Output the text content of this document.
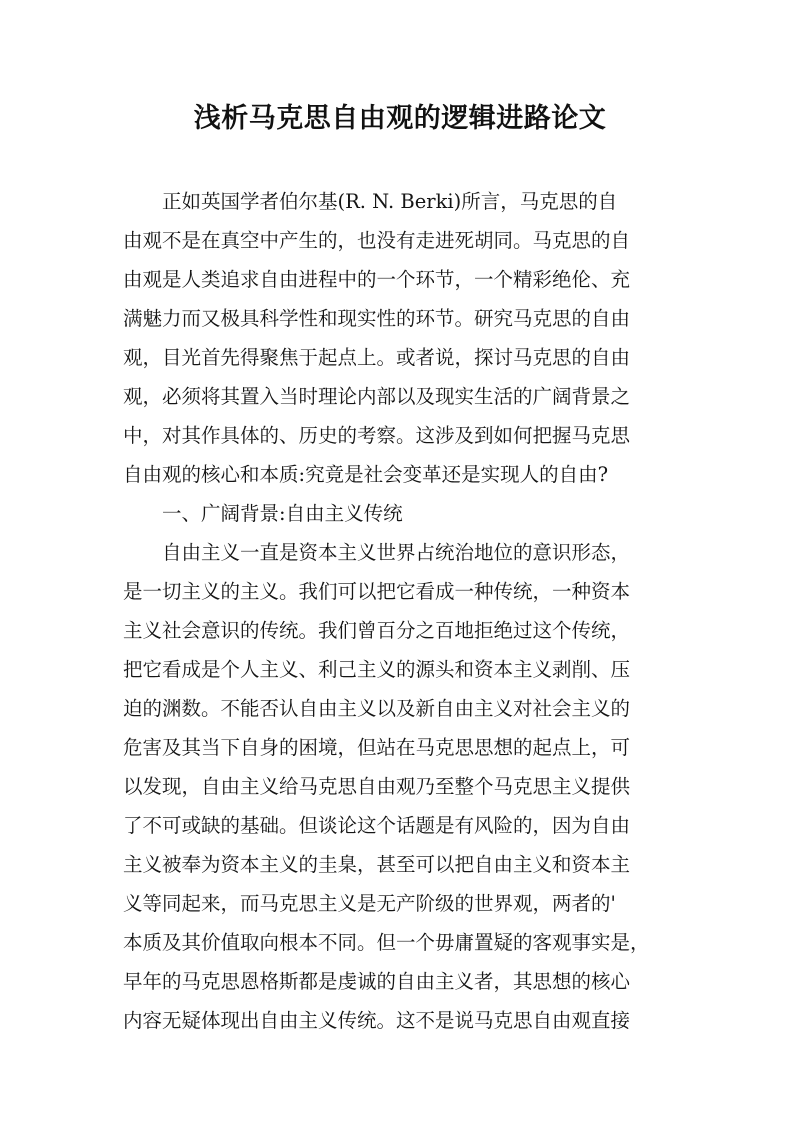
浅析马克思自由观的逻辑进路论文
　　正如英国学者伯尔基(R. N. Berki)所言，马克思的自
由观不是在真空中产生的，也没有走进死胡同。马克思的自
由观是人类追求自由进程中的一个环节，一个精彩绝伦、充
满魅力而又极具科学性和现实性的环节。研究马克思的自由
观，目光首先得聚焦于起点上。或者说，探讨马克思的自由
观，必须将其置入当时理论内部以及现实生活的广阔背景之
中，对其作具体的、历史的考察。这涉及到如何把握马克思
自由观的核心和本质:究竟是社会变革还是实现人的自由?
　　一、广阔背景:自由主义传统
　　自由主义一直是资本主义世界占统治地位的意识形态，
是一切主义的主义。我们可以把它看成一种传统，一种资本
主义社会意识的传统。我们曾百分之百地拒绝过这个传统，
把它看成是个人主义、利己主义的源头和资本主义剥削、压
迫的渊数。不能否认自由主义以及新自由主义对社会主义的
危害及其当下自身的困境，但站在马克思思想的起点上，可
以发现，自由主义给马克思自由观乃至整个马克思主义提供
了不可或缺的基础。但谈论这个话题是有风险的，因为自由
主义被奉为资本主义的圭臬，甚至可以把自由主义和资本主
义等同起来，而马克思主义是无产阶级的世界观，两者的'
本质及其价值取向根本不同。但一个毋庸置疑的客观事实是，
早年的马克思恩格斯都是虔诚的自由主义者，其思想的核心
内容无疑体现出自由主义传统。这不是说马克思自由观直接
